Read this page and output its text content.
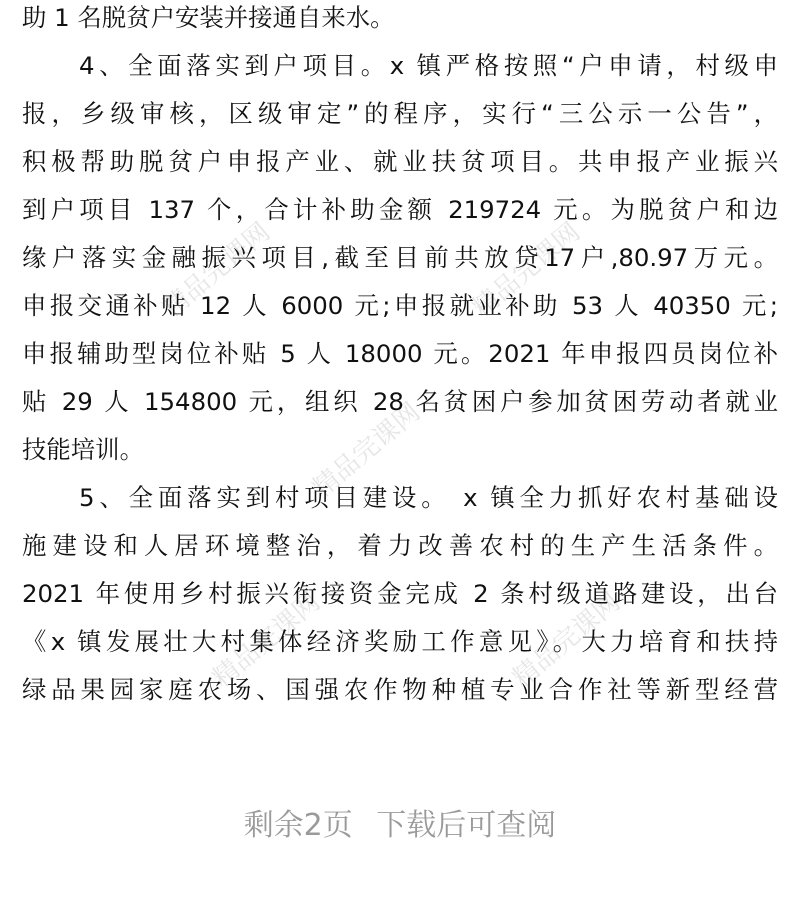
精品完课网	精品完课网
精品完课网
精品完课网	精品完课网
助 1 名脱贫户安装并接通自来水。
4、全面落实到户项目。x 镇严格按照“户申请，村级申
报，乡级审核，区级审定”的程序，实行“三公示一公告”，
积极帮助脱贫户申报产业、就业扶贫项目。共申报产业振兴
到户项目 137 个，合计补助金额 219724 元。为脱贫户和边
缘户落实金融振兴项目,截至目前共放贷17户,80.97万元。
申报交通补贴 12 人 6000 元;申报就业补助 53 人 40350 元;
申报辅助型岗位补贴 5 人 18000 元。2021 年申报四员岗位补
贴 29 人 154800 元，组织 28 名贫困户参加贫困劳动者就业
技能培训。
5、全面落实到村项目建设。 x 镇全力抓好农村基础设
施建设和人居环境整治，着力改善农村的生产生活条件。
2021 年使用乡村振兴衔接资金完成 2 条村级道路建设，出台
《x 镇发展壮大村集体经济奖励工作意见》。大力培育和扶持
绿品果园家庭农场、国强农作物种植专业合作社等新型经营
剩余2页 下载后可查阅
